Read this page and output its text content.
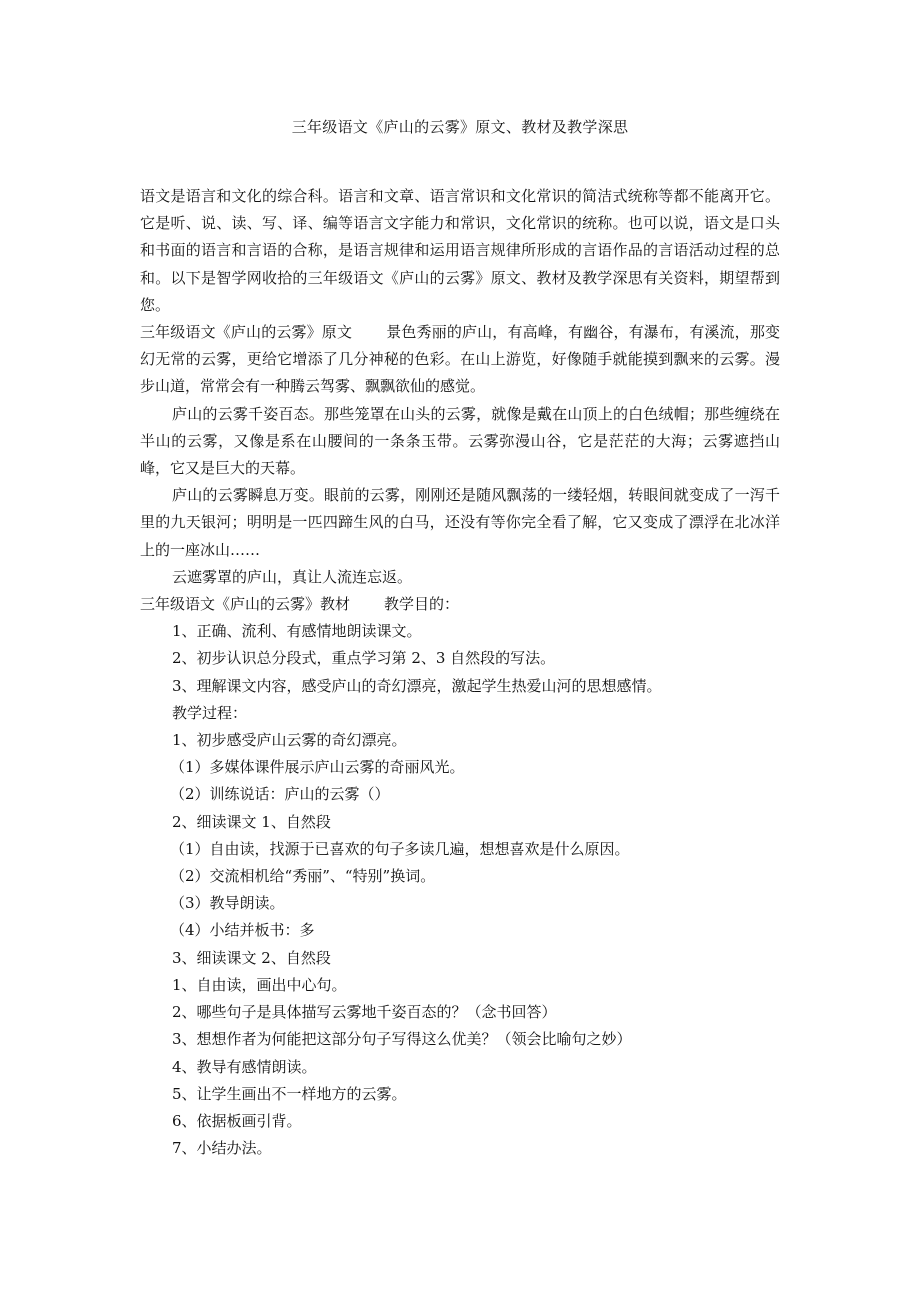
三年级语文《庐山的云雾》原文、教材及教学深思

语文是语言和文化的综合科。语言和文章、语言常识和文化常识的简洁式统称等都不能离开它。它是听、说、读、写、译、编等语言文字能力和常识，文化常识的统称。也可以说，语文是口头和书面的语言和言语的合称，是语言规律和运用语言规律所形成的言语作品的言语活动过程的总和。以下是智学网收拾的三年级语文《庐山的云雾》原文、教材及教学深思有关资料，期望帮到您。

三年级语文《庐山的云雾》原文 景色秀丽的庐山，有高峰，有幽谷，有瀑布，有溪流，那变幻无常的云雾，更给它增添了几分神秘的色彩。在山上游览，好像随手就能摸到飘来的云雾。漫步山道，常常会有一种腾云驾雾、飘飘欲仙的感觉。

庐山的云雾千姿百态。那些笼罩在山头的云雾，就像是戴在山顶上的白色绒帽；那些缠绕在半山的云雾，又像是系在山腰间的一条条玉带。云雾弥漫山谷，它是茫茫的大海；云雾遮挡山峰，它又是巨大的天幕。

庐山的云雾瞬息万变。眼前的云雾，刚刚还是随风飘荡的一缕轻烟，转眼间就变成了一泻千里的九天银河；明明是一匹四蹄生风的白马，还没有等你完全看了解，它又变成了漂浮在北冰洋上的一座冰山……

云遮雾罩的庐山，真让人流连忘返。

三年级语文《庐山的云雾》教材 教学目的：

1、正确、流利、有感情地朗读课文。

2、初步认识总分段式，重点学习第 2、3 自然段的写法。

3、理解课文内容，感受庐山的奇幻漂亮，激起学生热爱山河的思想感情。

教学过程：

1、初步感受庐山云雾的奇幻漂亮。

（1）多媒体课件展示庐山云雾的奇丽风光。

（2）训练说话：庐山的云雾（）

2、细读课文 1、自然段

（1）自由读，找源于已喜欢的句子多读几遍，想想喜欢是什么原因。

（2）交流相机给“秀丽”、“特别”换词。

（3）教导朗读。

（4）小结并板书：多

3、细读课文 2、自然段

1、自由读，画出中心句。

2、哪些句子是具体描写云雾地千姿百态的？（念书回答）

3、想想作者为何能把这部分句子写得这么优美？（领会比喻句之妙）

4、教导有感情朗读。

5、让学生画出不一样地方的云雾。

6、依据板画引背。

7、小结办法。
